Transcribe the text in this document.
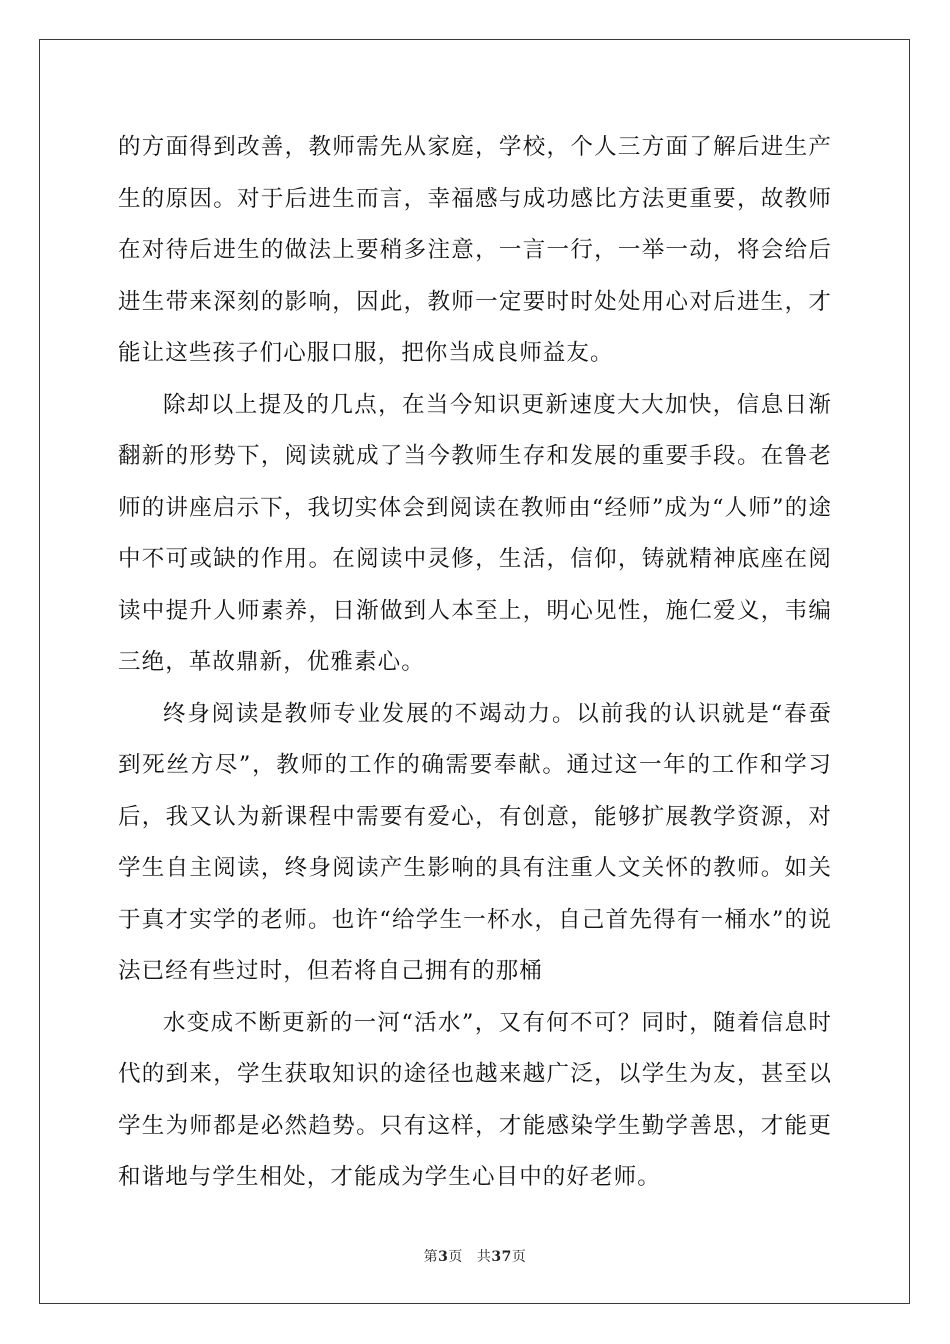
的方面得到改善，教师需先从家庭，学校，个人三方面了解后进生产生的原因。对于后进生而言，幸福感与成功感比方法更重要，故教师在对待后进生的做法上要稍多注意，一言一行，一举一动，将会给后进生带来深刻的影响，因此，教师一定要时时处处用心对后进生，才能让这些孩子们心服口服，把你当成良师益友。

除却以上提及的几点，在当今知识更新速度大大加快，信息日渐翻新的形势下，阅读就成了当今教师生存和发展的重要手段。在鲁老师的讲座启示下，我切实体会到阅读在教师由“经师”成为“人师”的途中不可或缺的作用。在阅读中灵修，生活，信仰，铸就精神底座在阅读中提升人师素养，日渐做到人本至上，明心见性，施仁爱义，韦编三绝，革故鼎新，优雅素心。

终身阅读是教师专业发展的不竭动力。以前我的认识就是“春蚕到死丝方尽”，教师的工作的确需要奉献。通过这一年的工作和学习后，我又认为新课程中需要有爱心，有创意，能够扩展教学资源，对学生自主阅读，终身阅读产生影响的具有注重人文关怀的教师。如关于真才实学的老师。也许“给学生一杯水，自己首先得有一桶水”的说法已经有些过时，但若将自己拥有的那桶

水变成不断更新的一河“活水”，又有何不可？同时，随着信息时代的到来，学生获取知识的途径也越来越广泛，以学生为友，甚至以学生为师都是必然趋势。只有这样，才能感染学生勤学善思，才能更和谐地与学生相处，才能成为学生心目中的好老师。

第3页 共37页
